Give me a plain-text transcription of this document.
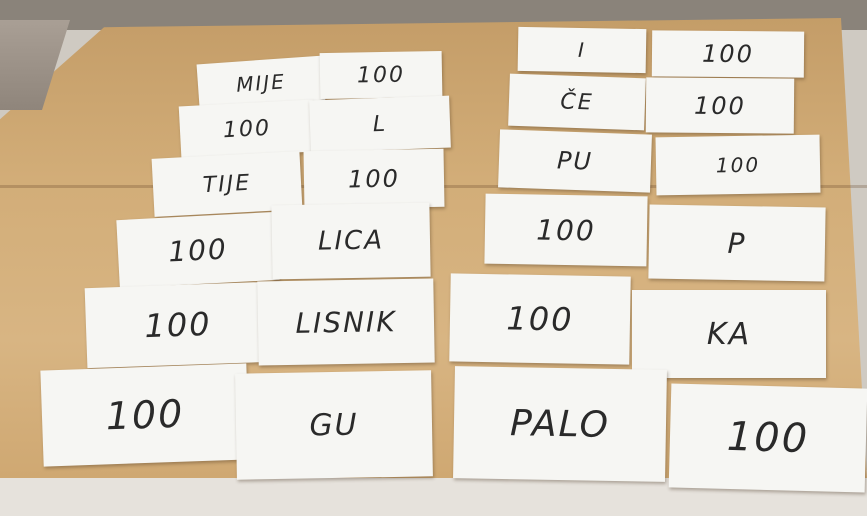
I	100
ČE	100
PU	100
100	P
100	KA
PALO	100
MIJE	100
100	L
TIJE	100
100	LICA
100	LISNIK
100	GU
